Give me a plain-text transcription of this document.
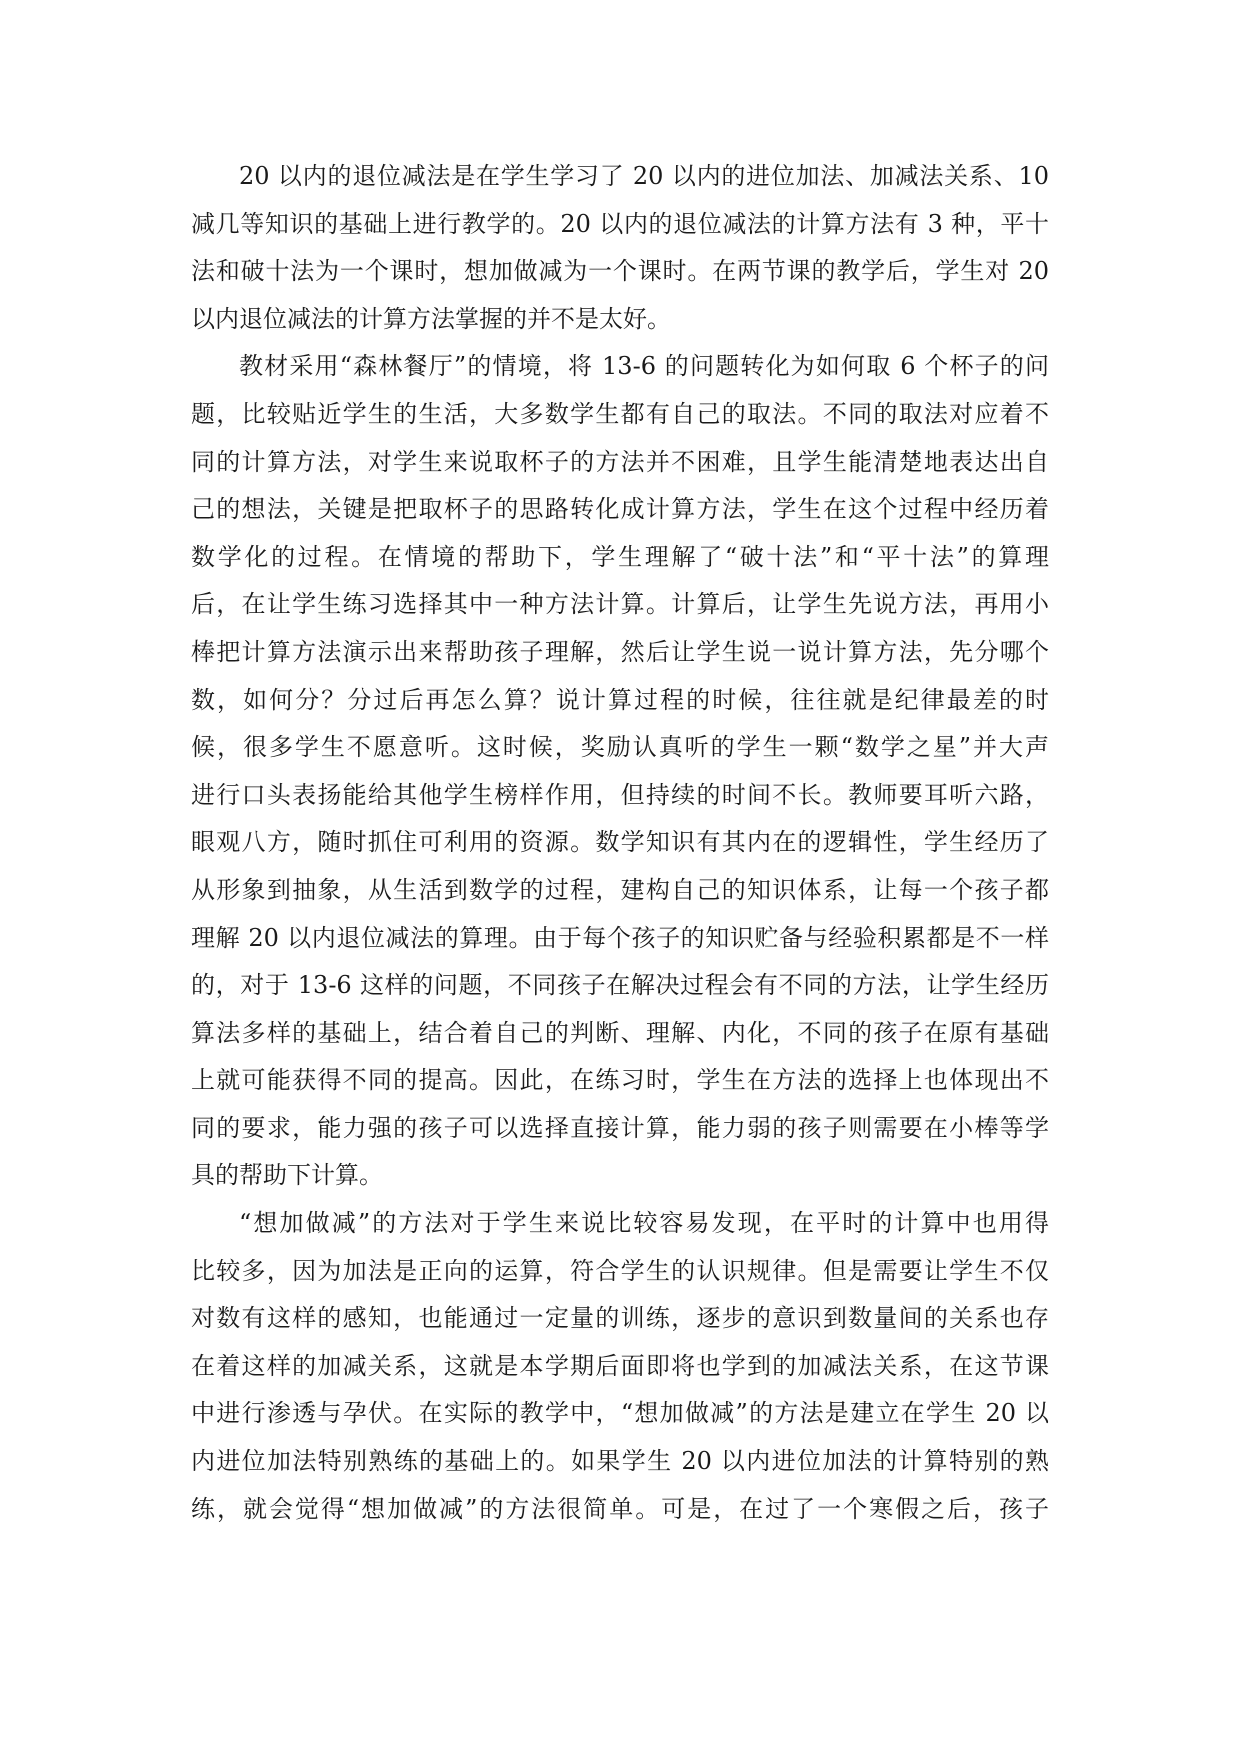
20 以内的退位减法是在学生学习了 20 以内的进位加法、加减法关系、10
减几等知识的基础上进行教学的。20 以内的退位减法的计算方法有 3 种，平十
法和破十法为一个课时，想加做减为一个课时。在两节课的教学后，学生对 20
以内退位减法的计算方法掌握的并不是太好。
教材采用“森林餐厅”的情境，将 13-6 的问题转化为如何取 6 个杯子的问
题，比较贴近学生的生活，大多数学生都有自己的取法。不同的取法对应着不
同的计算方法，对学生来说取杯子的方法并不困难，且学生能清楚地表达出自
己的想法，关键是把取杯子的思路转化成计算方法，学生在这个过程中经历着
数学化的过程。在情境的帮助下，学生理解了“破十法”和“平十法”的算理
后，在让学生练习选择其中一种方法计算。计算后，让学生先说方法，再用小
棒把计算方法演示出来帮助孩子理解，然后让学生说一说计算方法，先分哪个
数，如何分？分过后再怎么算？说计算过程的时候，往往就是纪律最差的时
候，很多学生不愿意听。这时候，奖励认真听的学生一颗“数学之星”并大声
进行口头表扬能给其他学生榜样作用，但持续的时间不长。教师要耳听六路，
眼观八方，随时抓住可利用的资源。数学知识有其内在的逻辑性，学生经历了
从形象到抽象，从生活到数学的过程，建构自己的知识体系，让每一个孩子都
理解 20 以内退位减法的算理。由于每个孩子的知识贮备与经验积累都是不一样
的，对于 13-6 这样的问题，不同孩子在解决过程会有不同的方法，让学生经历
算法多样的基础上，结合着自己的判断、理解、内化，不同的孩子在原有基础
上就可能获得不同的提高。因此，在练习时，学生在方法的选择上也体现出不
同的要求，能力强的孩子可以选择直接计算，能力弱的孩子则需要在小棒等学
具的帮助下计算。
“想加做减”的方法对于学生来说比较容易发现，在平时的计算中也用得
比较多，因为加法是正向的运算，符合学生的认识规律。但是需要让学生不仅
对数有这样的感知，也能通过一定量的训练，逐步的意识到数量间的关系也存
在着这样的加减关系，这就是本学期后面即将也学到的加减法关系，在这节课
中进行渗透与孕伏。在实际的教学中，“想加做减”的方法是建立在学生 20 以
内进位加法特别熟练的基础上的。如果学生 20 以内进位加法的计算特别的熟
练，就会觉得“想加做减”的方法很简单。可是，在过了一个寒假之后，孩子
